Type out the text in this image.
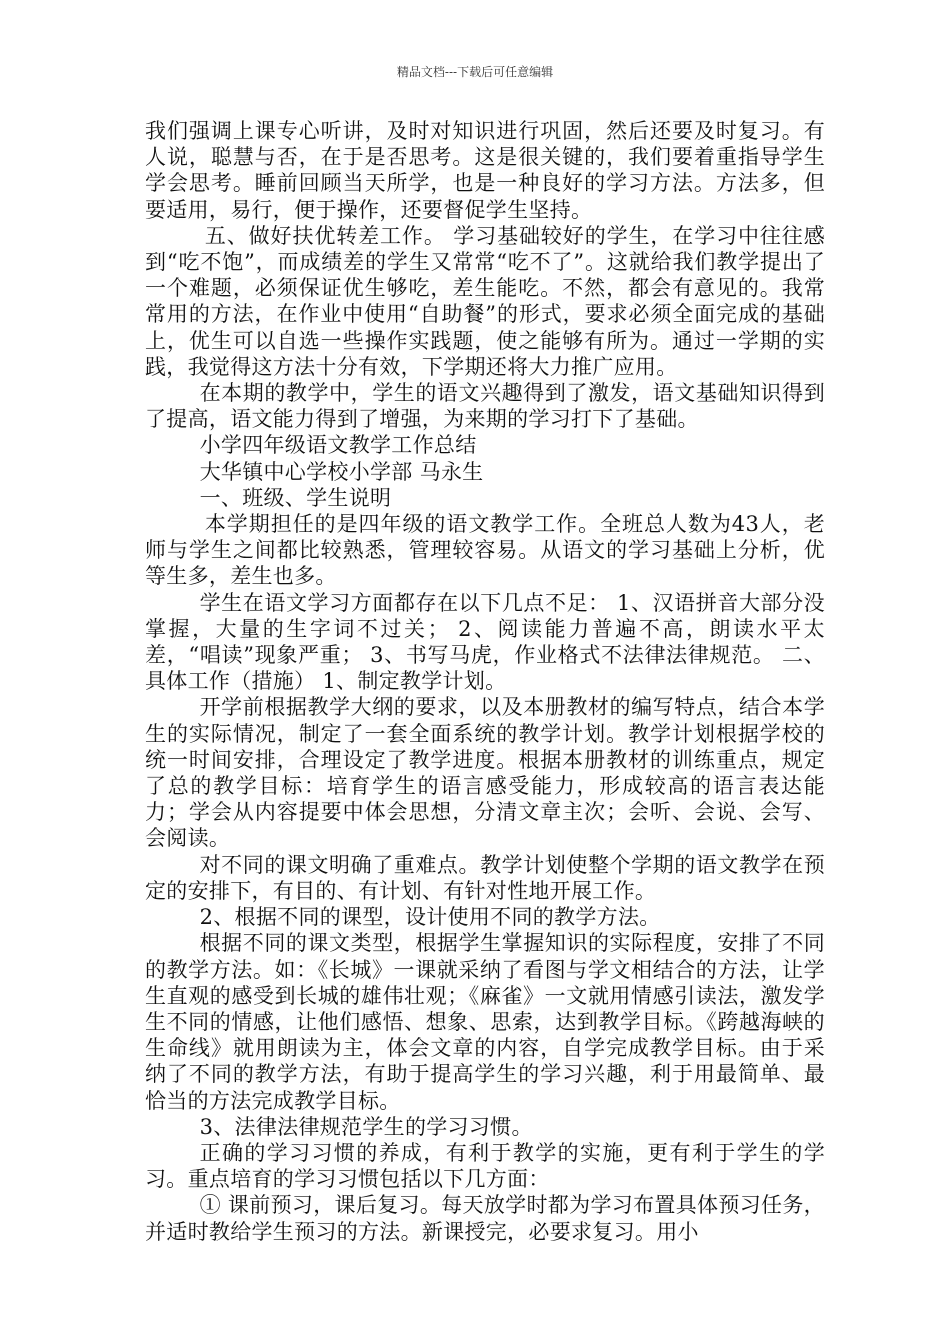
精品文档---下载后可任意编辑

我们强调上课专心听讲，及时对知识进行巩固，然后还要及时复习。有人说，聪慧与否，在于是否思考。这是很关键的，我们要着重指导学生学会思考。睡前回顾当天所学，也是一种良好的学习方法。方法多，但要适用，易行，便于操作，还要督促学生坚持。

五、做好扶优转差工作。 学习基础较好的学生，在学习中往往感到“吃不饱”，而成绩差的学生又常常“吃不了”。这就给我们教学提出了一个难题，必须保证优生够吃，差生能吃。不然，都会有意见的。我常常用的方法，在作业中使用“自助餐”的形式，要求必须全面完成的基础上，优生可以自选一些操作实践题，使之能够有所为。通过一学期的实践，我觉得这方法十分有效，下学期还将大力推广应用。

在本期的教学中，学生的语文兴趣得到了激发，语文基础知识得到了提高，语文能力得到了增强，为来期的学习打下了基础。

小学四年级语文教学工作总结

大华镇中心学校小学部 马永生

一、班级、学生说明

本学期担任的是四年级的语文教学工作。全班总人数为43人，老师与学生之间都比较熟悉，管理较容易。从语文的学习基础上分析，优等生多，差生也多。

学生在语文学习方面都存在以下几点不足： 1、汉语拼音大部分没掌握，大量的生字词不过关； 2、阅读能力普遍不高，朗读水平太差，“唱读”现象严重； 3、书写马虎，作业格式不法律法律规范。 二、具体工作（措施） 1、制定教学计划。

开学前根据教学大纲的要求，以及本册教材的编写特点，结合本学生的实际情况，制定了一套全面系统的教学计划。教学计划根据学校的统一时间安排，合理设定了教学进度。根据本册教材的训练重点，规定了总的教学目标：培育学生的语言感受能力，形成较高的语言表达能力；学会从内容提要中体会思想，分清文章主次；会听、会说、会写、会阅读。

对不同的课文明确了重难点。教学计划使整个学期的语文教学在预定的安排下，有目的、有计划、有针对性地开展工作。

2、根据不同的课型，设计使用不同的教学方法。

根据不同的课文类型，根据学生掌握知识的实际程度，安排了不同的教学方法。如：《长城》一课就采纳了看图与学文相结合的方法，让学生直观的感受到长城的雄伟壮观；《麻雀》一文就用情感引读法，激发学生不同的情感，让他们感悟、想象、思索，达到教学目标。《跨越海峡的生命线》就用朗读为主，体会文章的内容，自学完成教学目标。由于采纳了不同的教学方法，有助于提高学生的学习兴趣，利于用最简单、最恰当的方法完成教学目标。

3、法律法律规范学生的学习习惯。

正确的学习习惯的养成，有利于教学的实施，更有利于学生的学习。重点培育的学习习惯包括以下几方面：

① 课前预习，课后复习。每天放学时都为学习布置具体预习任务，并适时教给学生预习的方法。新课授完，必要求复习。用小
